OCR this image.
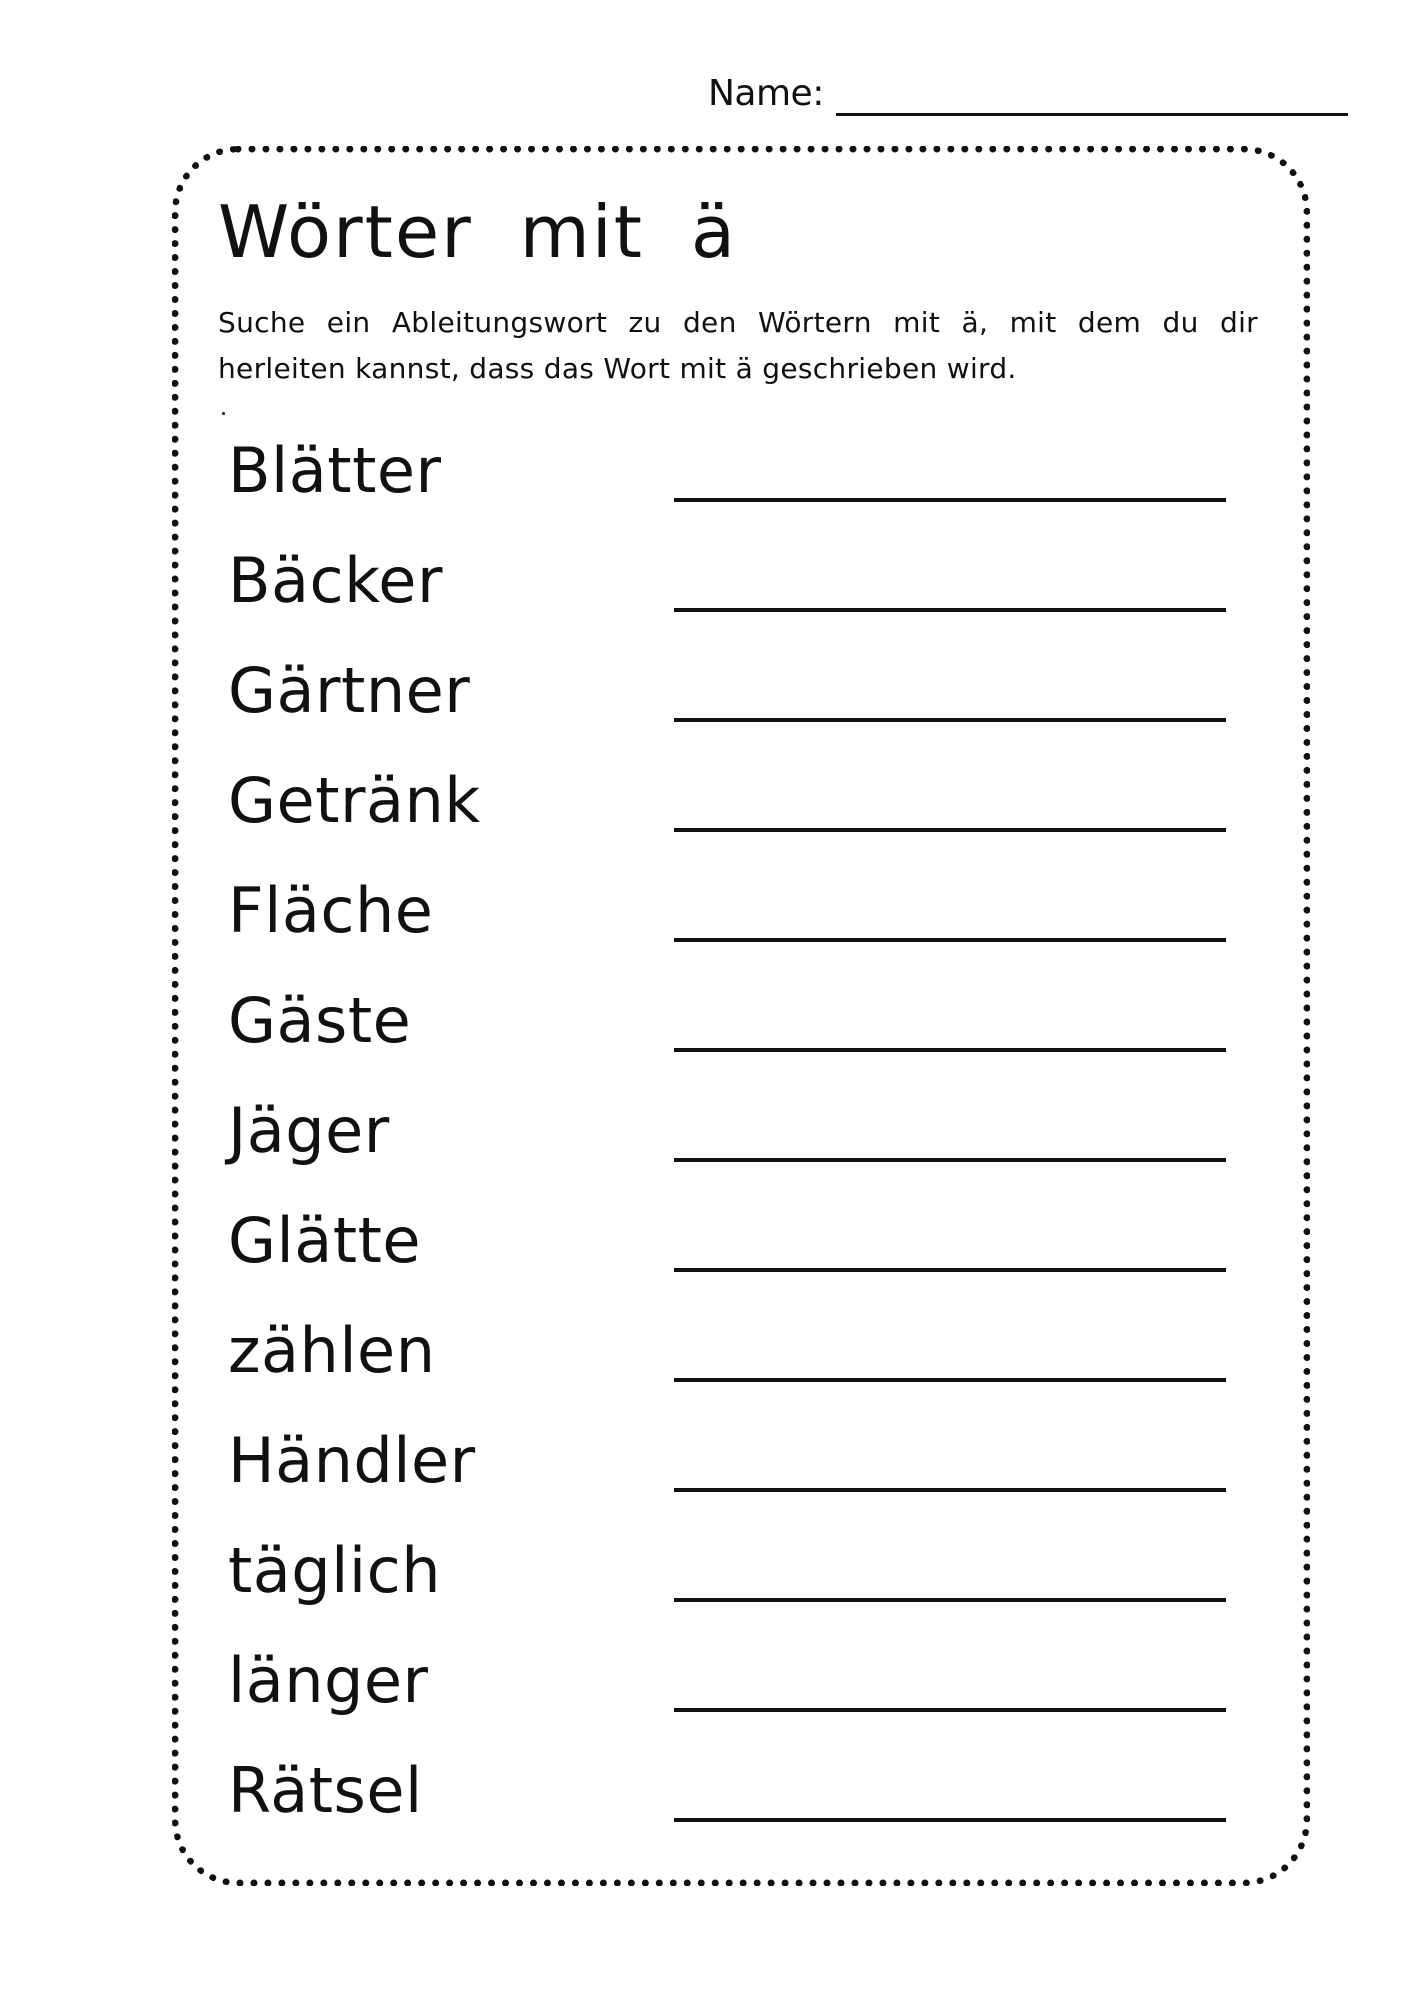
Name:
Wörter mit ä

Suche ein Ableitungswort zu den Wörtern mit ä, mit dem du dir herleiten kannst, dass das Wort mit ä geschrieben wird.

Blätter
Bäcker
Gärtner
Getränk
Fläche
Gäste
Jäger
Glätte
zählen
Händler
täglich
länger
Rätsel
